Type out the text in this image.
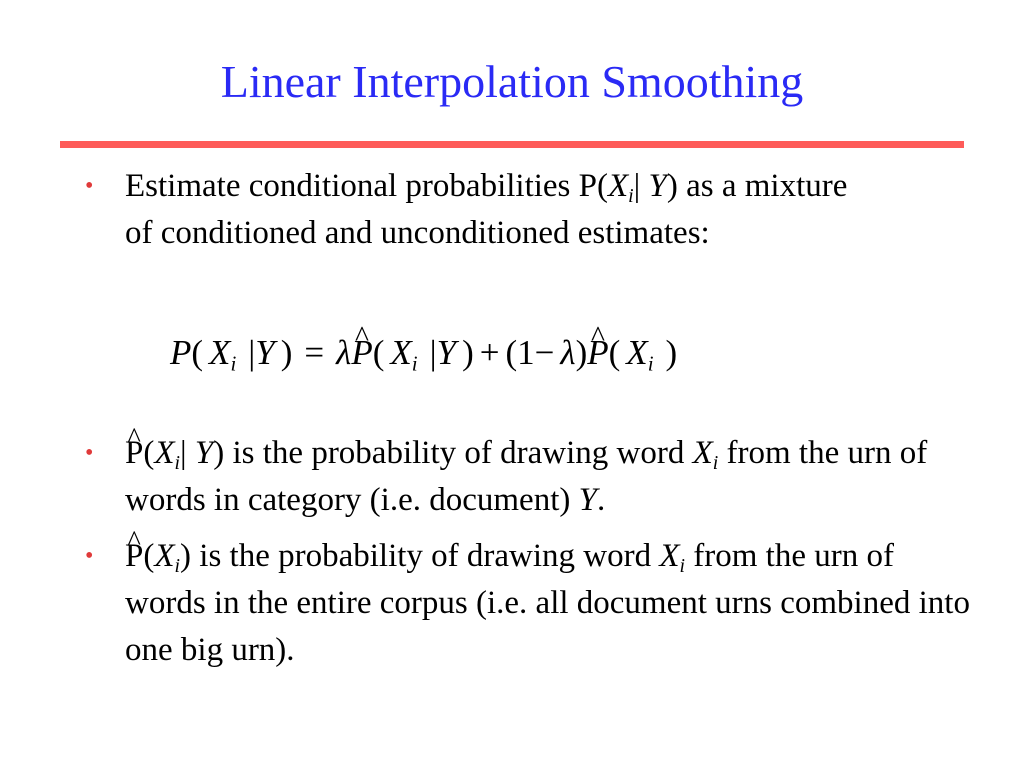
Linear Interpolation Smoothing
• Estimate conditional probabilities $P(X_i|$ Y) as a mixture of conditioned and unconditioned estimates:
P( $X_i$ |Y ) = λ^ P( $X_i$ |Y ) + (1− λ)^ P( $X_i$ )
• ^ $P(X_i|$ Y) is the probability of drawing word $X_i$ from the urn of words in category (i.e. document) Y.
• ^ $P(X_i)$ is the probability of drawing word $X_i$ from the urn of words in the entire corpus (i.e. all document urns combined into one big urn).
